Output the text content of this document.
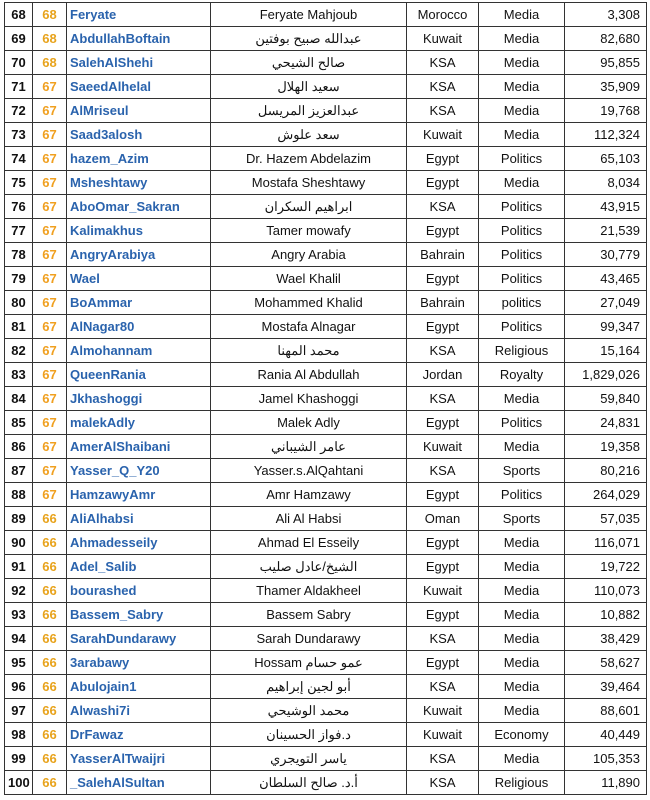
68	68	Feryate	Feryate Mahjoub	Morocco	Media	3,308
69	68	AbdullahBoftain	عبدالله صبيح بوفتين	Kuwait	Media	82,680
70	68	SalehAlShehi	صالح الشيحي	KSA	Media	95,855
71	67	SaeedAlhelal	سعيد الهلال	KSA	Media	35,909
72	67	AlMriseul	عبدالعزيز المريسل	KSA	Media	19,768
73	67	Saad3alosh	سعد علوش	Kuwait	Media	112,324
74	67	hazem_Azim	Dr. Hazem Abdelazim	Egypt	Politics	65,103
75	67	Msheshtawy	Mostafa Sheshtawy	Egypt	Media	8,034
76	67	AboOmar_Sakran	ابراهيم السكران	KSA	Politics	43,915
77	67	Kalimakhus	Tamer mowafy	Egypt	Politics	21,539
78	67	AngryArabiya	Angry Arabia	Bahrain	Politics	30,779
79	67	Wael	Wael Khalil	Egypt	Politics	43,465
80	67	BoAmmar	Mohammed Khalid	Bahrain	politics	27,049
81	67	AlNagar80	Mostafa Alnagar	Egypt	Politics	99,347
82	67	Almohannam	محمد المهنا	KSA	Religious	15,164
83	67	QueenRania	Rania Al Abdullah	Jordan	Royalty	1,829,026
84	67	Jkhashoggi	Jamel Khashoggi	KSA	Media	59,840
85	67	malekAdly	Malek Adly	Egypt	Politics	24,831
86	67	AmerAlShaibani	عامر الشيباني	Kuwait	Media	19,358
87	67	Yasser_Q_Y20	Yasser.s.AlQahtani	KSA	Sports	80,216
88	67	HamzawyAmr	Amr Hamzawy	Egypt	Politics	264,029
89	66	AliAlhabsi	Ali Al Habsi	Oman	Sports	57,035
90	66	Ahmadesseily	Ahmad El Esseily	Egypt	Media	116,071
91	66	Adel_Salib	الشيخ/عادل صليب	Egypt	Media	19,722
92	66	bourashed	Thamer Aldakheel	Kuwait	Media	110,073
93	66	Bassem_Sabry	Bassem Sabry	Egypt	Media	10,882
94	66	SarahDundarawy	Sarah Dundarawy	KSA	Media	38,429
95	66	3arabawy	عمو حسام Hossam	Egypt	Media	58,627
96	66	Abulojain1	أبو لجين إبراهيم	KSA	Media	39,464
97	66	Alwashi7i	محمد الوشيحي	Kuwait	Media	88,601
98	66	DrFawaz	د.فواز الحسينان	Kuwait	Economy	40,449
99	66	YasserAlTwaijri	ياسر التويجري	KSA	Media	105,353
100	66	_SalehAlSultan	أ.د. صالح السلطان	KSA	Religious	11,890
